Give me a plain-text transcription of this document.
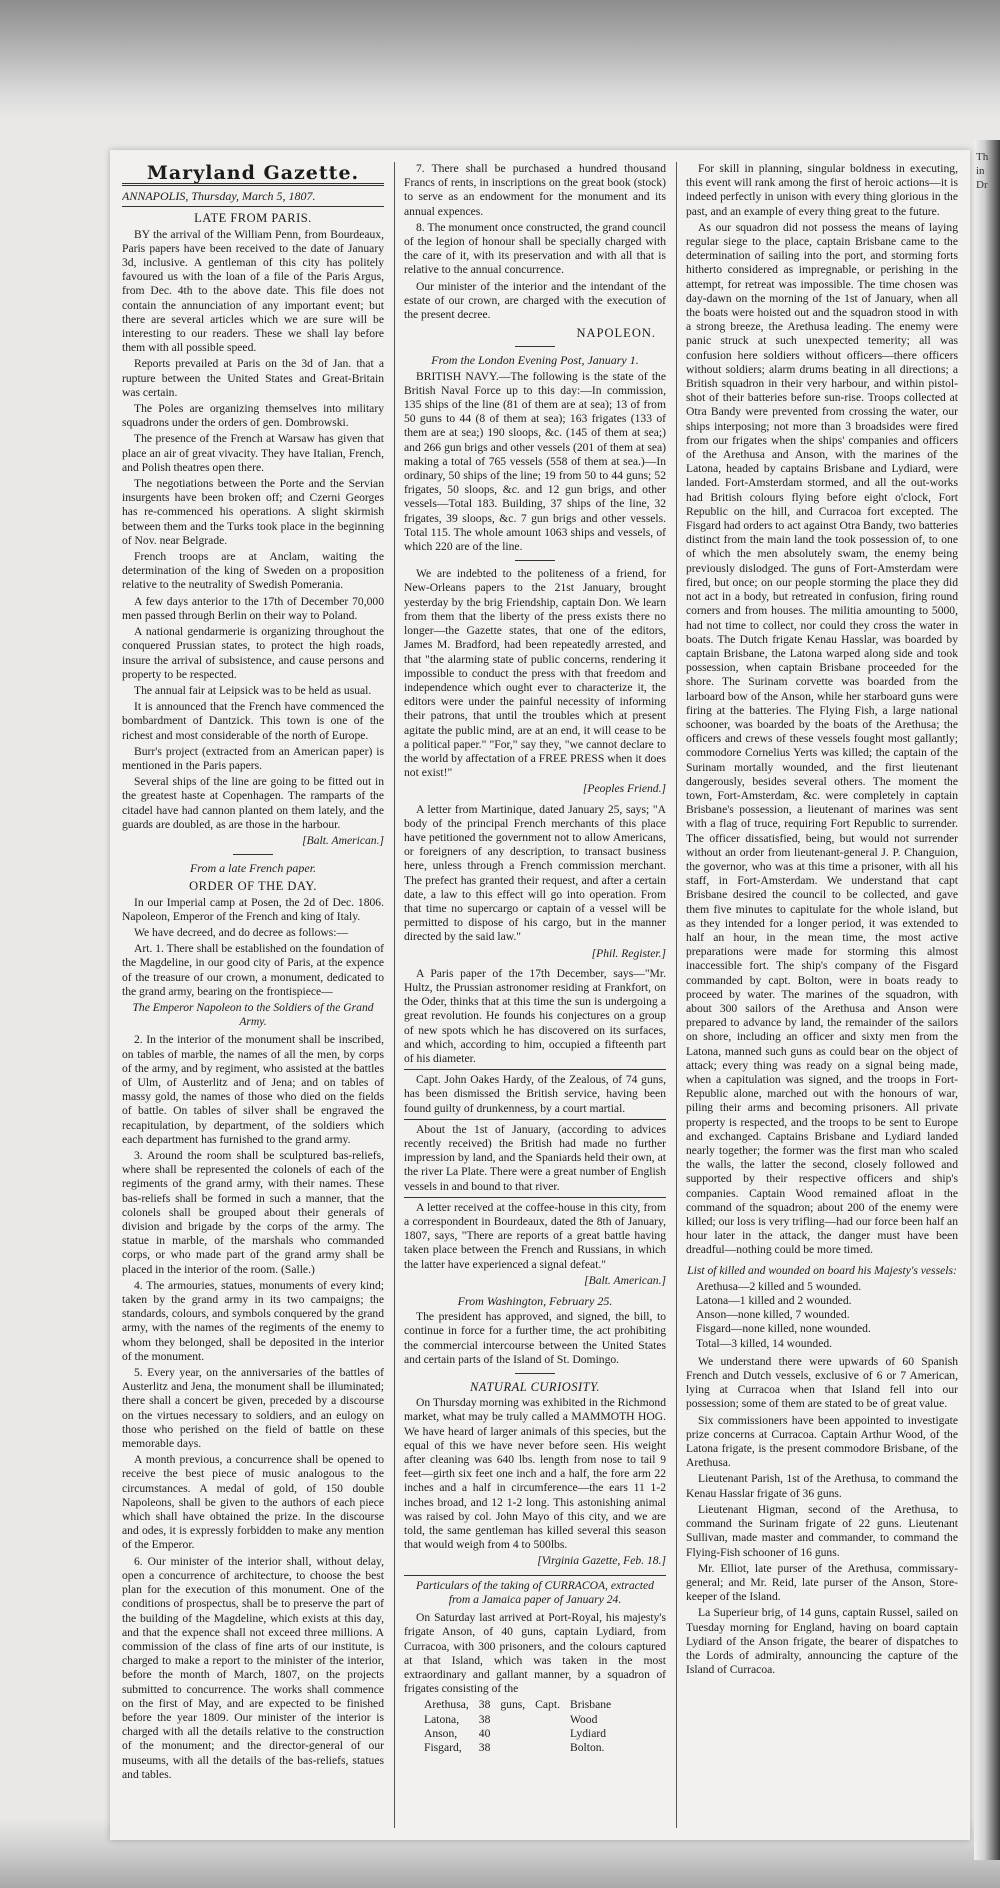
Th in Dr
Maryland Gazette.
ANNAPOLIS, Thursday, March 5, 1807.
LATE FROM PARIS.

BY the arrival of the William Penn, from Bourdeaux, Paris papers have been received to the date of January 3d, inclusive. A gentleman of this city has politely favoured us with the loan of a file of the Paris Argus, from Dec. 4th to the above date. This file does not contain the annunciation of any important event; but there are several articles which we are sure will be interesting to our readers. These we shall lay before them with all possible speed.

Reports prevailed at Paris on the 3d of Jan. that a rupture between the United States and Great-Britain was certain.

The Poles are organizing themselves into military squadrons under the orders of gen. Dombrowski.

The presence of the French at Warsaw has given that place an air of great vivacity. They have Italian, French, and Polish theatres open there.

The negotiations between the Porte and the Servian insurgents have been broken off; and Czerni Georges has re-commenced his operations. A slight skirmish between them and the Turks took place in the beginning of Nov. near Belgrade.

French troops are at Anclam, waiting the determination of the king of Sweden on a proposition relative to the neutrality of Swedish Pomerania.

A few days anterior to the 17th of December 70,000 men passed through Berlin on their way to Poland.

A national gendarmerie is organizing throughout the conquered Prussian states, to protect the high roads, insure the arrival of subsistence, and cause persons and property to be respected.

The annual fair at Leipsick was to be held as usual.

It is announced that the French have commenced the bombardment of Dantzick. This town is one of the richest and most considerable of the north of Europe.

Burr's project (extracted from an American paper) is mentioned in the Paris papers.

Several ships of the line are going to be fitted out in the greatest haste at Copenhagen. The ramparts of the citadel have had cannon planted on them lately, and the guards are doubled, as are those in the harbour.

[Balt. American.]
From a late French paper.
ORDER OF THE DAY.

In our Imperial camp at Posen, the 2d of Dec. 1806. Napoleon, Emperor of the French and king of Italy.

We have decreed, and do decree as follows:—

Art. 1. There shall be established on the foundation of the Magdeline, in our good city of Paris, at the expence of the treasure of our crown, a monument, dedicated to the grand army, bearing on the frontispiece—

The Emperor Napoleon to the Soldiers of the Grand Army.

2. In the interior of the monument shall be inscribed, on tables of marble, the names of all the men, by corps of the army, and by regiment, who assisted at the battles of Ulm, of Austerlitz and of Jena; and on tables of massy gold, the names of those who died on the fields of battle. On tables of silver shall be engraved the recapitulation, by department, of the soldiers which each department has furnished to the grand army.

3. Around the room shall be sculptured bas-reliefs, where shall be represented the colonels of each of the regiments of the grand army, with their names. These bas-reliefs shall be formed in such a manner, that the colonels shall be grouped about their generals of division and brigade by the corps of the army. The statue in marble, of the marshals who commanded corps, or who made part of the grand army shall be placed in the interior of the room. (Salle.)

4. The armouries, statues, monuments of every kind; taken by the grand army in its two campaigns; the standards, colours, and symbols conquered by the grand army, with the names of the regiments of the enemy to whom they belonged, shall be deposited in the interior of the monument.

5. Every year, on the anniversaries of the battles of Austerlitz and Jena, the monument shall be illuminated; there shall a concert be given, preceded by a discourse on the virtues necessary to soldiers, and an eulogy on those who perished on the field of battle on these memorable days.

A month previous, a concurrence shall be opened to receive the best piece of music analogous to the circumstances. A medal of gold, of 150 double Napoleons, shall be given to the authors of each piece which shall have obtained the prize. In the discourse and odes, it is expressly forbidden to make any mention of the Emperor.

6. Our minister of the interior shall, without delay, open a concurrence of architecture, to choose the best plan for the execution of this monument. One of the conditions of prospectus, shall be to preserve the part of the building of the Magdeline, which exists at this day, and that the expence shall not exceed three millions. A commission of the class of fine arts of our institute, is charged to make a report to the minister of the interior, before the month of March, 1807, on the projects submitted to concurrence. The works shall commence on the first of May, and are expected to be finished before the year 1809. Our minister of the interior is charged with all the details relative to the construction of the monument; and the director-general of our museums, with all the details of the bas-reliefs, statues and tables.

7. There shall be purchased a hundred thousand Francs of rents, in inscriptions on the great book (stock) to serve as an endowment for the monument and its annual expences.

8. The monument once constructed, the grand council of the legion of honour shall be specially charged with the care of it, with its preservation and with all that is relative to the annual concurrence.

Our minister of the interior and the intendant of the estate of our crown, are charged with the execution of the present decree.

NAPOLEON.
From the London Evening Post, January 1.

BRITISH NAVY.—The following is the state of the British Naval Force up to this day:—In commission, 135 ships of the line (81 of them are at sea); 13 of from 50 guns to 44 (8 of them at sea); 163 frigates (133 of them are at sea;) 190 sloops, &c. (145 of them at sea;) and 266 gun brigs and other vessels (201 of them at sea) making a total of 765 vessels (558 of them at sea.)—In ordinary, 50 ships of the line; 19 from 50 to 44 guns; 52 frigates, 50 sloops, &c. and 12 gun brigs, and other vessels—Total 183. Building, 37 ships of the line, 32 frigates, 39 sloops, &c. 7 gun brigs and other vessels. Total 115. The whole amount 1063 ships and vessels, of which 220 are of the line.

We are indebted to the politeness of a friend, for New-Orleans papers to the 21st January, brought yesterday by the brig Friendship, captain Don. We learn from them that the liberty of the press exists there no longer—the Gazette states, that one of the editors, James M. Bradford, had been repeatedly arrested, and that "the alarming state of public concerns, rendering it impossible to conduct the press with that freedom and independence which ought ever to characterize it, the editors were under the painful necessity of informing their patrons, that until the troubles which at present agitate the public mind, are at an end, it will cease to be a political paper." "For," say they, "we cannot declare to the world by affectation of a FREE PRESS when it does not exist!"

[Peoples Friend.]

A letter from Martinique, dated January 25, says; "A body of the principal French merchants of this place have petitioned the government not to allow Americans, or foreigners of any description, to transact business here, unless through a French commission merchant. The prefect has granted their request, and after a certain date, a law to this effect will go into operation. From that time no supercargo or captain of a vessel will be permitted to dispose of his cargo, but in the manner directed by the said law."

[Phil. Register.]

A Paris paper of the 17th December, says—"Mr. Hultz, the Prussian astronomer residing at Frankfort, on the Oder, thinks that at this time the sun is undergoing a great revolution. He founds his conjectures on a group of new spots which he has discovered on its surfaces, and which, according to him, occupied a fifteenth part of his diameter.

Capt. John Oakes Hardy, of the Zealous, of 74 guns, has been dismissed the British service, having been found guilty of drunkenness, by a court martial.

About the 1st of January, (according to advices recently received) the British had made no further impression by land, and the Spaniards held their own, at the river La Plate. There were a great number of English vessels in and bound to that river.

A letter received at the coffee-house in this city, from a correspondent in Bourdeaux, dated the 8th of January, 1807, says, "There are reports of a great battle having taken place between the French and Russians, in which the latter have experienced a signal defeat."

[Balt. American.]
From Washington, February 25.

The president has approved, and signed, the bill, to continue in force for a further time, the act prohibiting the commercial intercourse between the United States and certain parts of the Island of St. Domingo.

NATURAL CURIOSITY.

On Thursday morning was exhibited in the Richmond market, what may be truly called a MAMMOTH HOG. We have heard of larger animals of this species, but the equal of this we have never before seen. His weight after cleaning was 640 lbs. length from nose to tail 9 feet—girth six feet one inch and a half, the fore arm 22 inches and a half in circumference—the ears 11 1-2 inches broad, and 12 1-2 long. This astonishing animal was raised by col. John Mayo of this city, and we are told, the same gentleman has killed several this season that would weigh from 4 to 500lbs.

[Virginia Gazette, Feb. 18.]
Particulars of the taking of CURRACOA, extracted from a Jamaica paper of January 24.

On Saturday last arrived at Port-Royal, his majesty's frigate Anson, of 40 guns, captain Lydiard, from Curracoa, with 300 prisoners, and the colours captured at that Island, which was taken in the most extraordinary and gallant manner, by a squadron of frigates consisting of the

Arethusa,	38	guns,	Capt.	Brisbane
Latona,	38			Wood
Anson,	40			Lydiard
Fisgard,	38			Bolton.

For skill in planning, singular boldness in executing, this event will rank among the first of heroic actions—it is indeed perfectly in unison with every thing glorious in the past, and an example of every thing great to the future.

As our squadron did not possess the means of laying regular siege to the place, captain Brisbane came to the determination of sailing into the port, and storming forts hitherto considered as impregnable, or perishing in the attempt, for retreat was impossible. The time chosen was day-dawn on the morning of the 1st of January, when all the boats were hoisted out and the squadron stood in with a strong breeze, the Arethusa leading. The enemy were panic struck at such unexpected temerity; all was confusion here soldiers without officers—there officers without soldiers; alarm drums beating in all directions; a British squadron in their very harbour, and within pistol-shot of their batteries before sun-rise. Troops collected at Otra Bandy were prevented from crossing the water, our ships interposing; not more than 3 broadsides were fired from our frigates when the ships' companies and officers of the Arethusa and Anson, with the marines of the Latona, headed by captains Brisbane and Lydiard, were landed. Fort-Amsterdam stormed, and all the out-works had British colours flying before eight o'clock, Fort Republic on the hill, and Curracoa fort excepted. The Fisgard had orders to act against Otra Bandy, two batteries distinct from the main land the took possession of, to one of which the men absolutely swam, the enemy being previously dislodged. The guns of Fort-Amsterdam were fired, but once; on our people storming the place they did not act in a body, but retreated in confusion, firing round corners and from houses. The militia amounting to 5000, had not time to collect, nor could they cross the water in boats. The Dutch frigate Kenau Hasslar, was boarded by captain Brisbane, the Latona warped along side and took possession, when captain Brisbane proceeded for the shore. The Surinam corvette was boarded from the larboard bow of the Anson, while her starboard guns were firing at the batteries. The Flying Fish, a large national schooner, was boarded by the boats of the Arethusa; the officers and crews of these vessels fought most gallantly; commodore Cornelius Yerts was killed; the captain of the Surinam mortally wounded, and the first lieutenant dangerously, besides several others. The moment the town, Fort-Amsterdam, &c. were completely in captain Brisbane's possession, a lieutenant of marines was sent with a flag of truce, requiring Fort Republic to surrender. The officer dissatisfied, being, but would not surrender without an order from lieutenant-general J. P. Changuion, the governor, who was at this time a prisoner, with all his staff, in Fort-Amsterdam. We understand that capt Brisbane desired the council to be collected, and gave them five minutes to capitulate for the whole island, but as they intended for a longer period, it was extended to half an hour, in the mean time, the most active preparations were made for storming this almost inaccessible fort. The ship's company of the Fisgard commanded by capt. Bolton, were in boats ready to proceed by water. The marines of the squadron, with about 300 sailors of the Arethusa and Anson were prepared to advance by land, the remainder of the sailors on shore, including an officer and sixty men from the Latona, manned such guns as could bear on the object of attack; every thing was ready on a signal being made, when a capitulation was signed, and the troops in Fort-Republic alone, marched out with the honours of war, piling their arms and becoming prisoners. All private property is respected, and the troops to be sent to Europe and exchanged. Captains Brisbane and Lydiard landed nearly together; the former was the first man who scaled the walls, the latter the second, closely followed and supported by their respective officers and ship's companies. Captain Wood remained afloat in the command of the squadron; about 200 of the enemy were killed; our loss is very trifling—had our force been half an hour later in the attack, the danger must have been dreadful—nothing could be more timed.

List of killed and wounded on board his Majesty's vessels:
Arethusa—2 killed and 5 wounded.
Latona—1 killed and 2 wounded.
Anson—none killed, 7 wounded.
Fisgard—none killed, none wounded.
Total—3 killed, 14 wounded.

We understand there were upwards of 60 Spanish French and Dutch vessels, exclusive of 6 or 7 American, lying at Curracoa when that Island fell into our possession; some of them are stated to be of great value.

Six commissioners have been appointed to investigate prize concerns at Curracoa. Captain Arthur Wood, of the Latona frigate, is the present commodore Brisbane, of the Arethusa.

Lieutenant Parish, 1st of the Arethusa, to command the Kenau Hasslar frigate of 36 guns.

Lieutenant Higman, second of the Arethusa, to command the Surinam frigate of 22 guns. Lieutenant Sullivan, made master and commander, to command the Flying-Fish schooner of 16 guns.

Mr. Elliot, late purser of the Arethusa, commissary-general; and Mr. Reid, late purser of the Anson, Store-keeper of the Island.

La Superieur brig, of 14 guns, captain Russel, sailed on Tuesday morning for England, having on board captain Lydiard of the Anson frigate, the bearer of dispatches to the Lords of admiralty, announcing the capture of the Island of Curracoa.
